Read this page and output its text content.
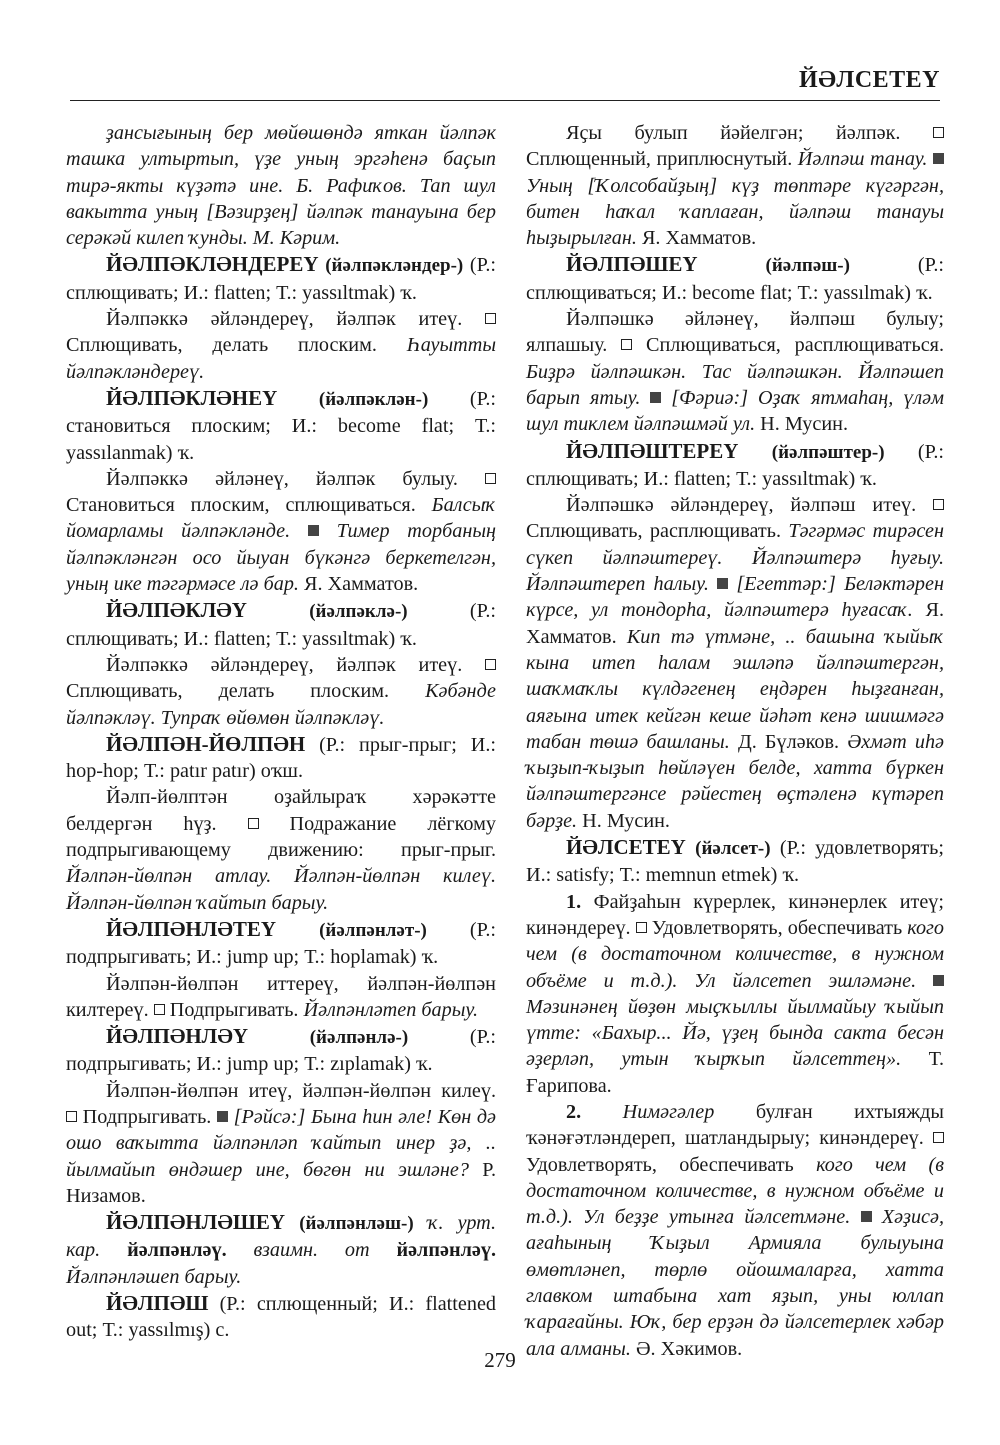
ЙӘЛСЕТЕҮ

ҙансығының бер мөйөшөндә яткан йәлпәк ташка ултыртып, үҙе уның эргәһенә баҫып тирә-якты күҙәтә ине. Б. Рафиҡов. Тап шул вакытта уның [Вәзирҙең] йәлпәк танауына бер серәкәй килеп ҡунды. М. Кәрим.

ЙӘЛПӘКЛӘНДЕРЕҮ (йәлпәкләндер-) (Р.: сплющивать; И.: flatten; Т.: yassıltmak) ҡ.

Йәлпәккә әйләндереү, йәлпәк итеү.  Сплющивать, делать плоским. Һауытты йәлпәкләндереү.

ЙӘЛПӘКЛӘНЕҮ (йәлпәклән-) (Р.: становиться плоским; И.: become flat; Т.: yassılanmak) ҡ.

Йәлпәккә әйләнеү, йәлпәк булыу.  Становиться плоским, сплющиваться. Балсыҡ йомарламы йәлпәкләнде. Тимер торбаның йәлпәкләнгән осо йыуан бүкәнгә беркетелгән, уның ике тәгәрмәсе лә бар. Я. Хамматов.

ЙӘЛПӘКЛӘҮ	(йәлпәклә-)	(Р.: сплющивать; И.: flatten; Т.: yassıltmak) ҡ.

Йәлпәккә әйләндереү, йәлпәк итеү.  Сплющивать, делать плоским. Кәбәнде йәлпәкләү. Тупраҡ өйөмөн йәлпәкләү.

ЙӘЛПӘН-ЙӨЛПӘН (Р.: прыг-прыг; И.: hop-hop; Т.: patır patır) оҡш.

Йәлп-йөлптән оҙайлыраҡ хәрәкәтте белдергән һүҙ.	Подражание лёгкому подпрыгивающему движению: прыг-прыг. Йәлпән-йөлпән атлау. Йәлпән-йөлпән килеү. Йәлпән-йөлпән ҡайтып барыу.

ЙӘЛПӘНЛӘТЕҮ (йәлпәнләт-) (Р.: подпрыгивать; И.: jump up; Т.: hoplamak) ҡ.

Йәлпән-йөлпән иттереү, йәлпән-йөлпән килтереү. Подпрыгивать. Йәлпәнләтеп барыу.

ЙӘЛПӘНЛӘҮ	(йәлпәнлә-)	(Р.: подпрыгивать; И.: jump up; Т.: zıplamak) ҡ.

Йәлпән-йөлпән итеү, йәлпән-йөлпән килеү.  Подпрыгивать. [Рәйсә:] Бына һин әле! Көн дә ошо ваҡытта йәлпәнләп ҡайтып инер ҙә, .. йылмайып өндәшер ине, бөгөн ни эшләне? Р. Низамов.

ЙӘЛПӘНЛӘШЕҮ (йәлпәнләш-) ҡ. урт. кар. йәлпәнләү. взаимн. от йәлпәнләү. Йәлпәнләшеп барыу.

ЙӘЛПӘШ (Р.: сплющенный; И.: flattened out; Т.: yassılmış) с.

Яҫы булып йәйелгән; йәлпәк.  Сплющенный, приплюснутый. Йәлпәш танау.  Уның [Ҡолсобайҙың] күҙ төптәре күгәргән, битен һаҡал ҡаплаған, йәлпәш танауы һыҙырылған. Я. Хамматов.

ЙӘЛПӘШЕҮ	(йәлпәш-)	(Р.: сплющиваться; И.: become flat; Т.: yassılmak) ҡ.

Йәлпәшкә әйләнеү, йәлпәш булыу; ялпашыу. Сплющиваться, расплющиваться. Биҙрә йәлпәшкән. Тас йәлпәшкән. Йәлпәшеп барып ятыу. [Фәриә:] Оҙаҡ ятмаһаң, үләм шул тиклем йәлпәшмәй ул. Н. Мусин.

ЙӘЛПӘШТЕРЕҮ (йәлпәштер-) (Р.: сплющивать; И.: flatten; Т.: yassıltmak) ҡ.

Йәлпәшкә әйләндереү, йәлпәш итеү.  Сплющивать, расплющивать. Тәгәрмәс тирәсен сүкеп йәлпәштереү. Йәлпәштерә һуғыу. Йәлпәштереп һалыу. [Егеттәр:] Беләктәрен күрсе, ул тондорһа, йәлпәштерә һуғасаҡ. Я. Хамматов. Кип тә үтмәне, .. башына ҡыйыҡ кына итеп һалам эшләпә йәлпәштергән, шаҡмаҡлы күлдәгенең еңдәрен һыҙғанған, аяғына итек кейгән кеше йәһәт кенә шишмәгә табан төшә башланы. Д. Бүләков. Әхмәт иһә ҡыҙып-ҡыҙып һөйләүен белде, хатта бүркен йәлпәштергәнсе рәйестең өҫтәленә күтәреп бәрҙе. Н. Мусин.

ЙӘЛСЕТЕҮ (йәлсет-) (Р.: удовлетворять; И.: satisfy; Т.: memnun etmek) ҡ.

1. Файҙаһын күрерлек, кинәнерлек итеү; кинәндереү. Удовлетворять, обеспечивать кого чем (в достаточном количестве, в нужном объёме и т.д.). Ул йәлсетеп эшләмәне.  Мәзинәнең йөҙөн мыҫҡыллы йылмайыу ҡыйып үтте: «Бахыр... Йә, үҙең бында сакта бесән әҙерләп, утын ҡырҡып йәлсеттең». Т. Ғарипова.

2. Нимәгәлер булған ихтыяжды ҡәнәғәтләндереп, шатландырыу; кинәндереү.  Удовлетворять, обеспечивать кого чем (в достаточном количестве, в нужном объёме и т.д.). Ул беҙҙе утынға йәлсетмәне. Хәҙисә, ағаһының Ҡыҙыл Армияла булыуына өмөтләнеп, төрлө ойошмаларға, хатта главком штабына хат яҙып, уны юллап ҡарағайны. Юҡ, бер ерҙән дә йәлсетерлек хәбәр ала алманы. Ә. Хәкимов.

279
